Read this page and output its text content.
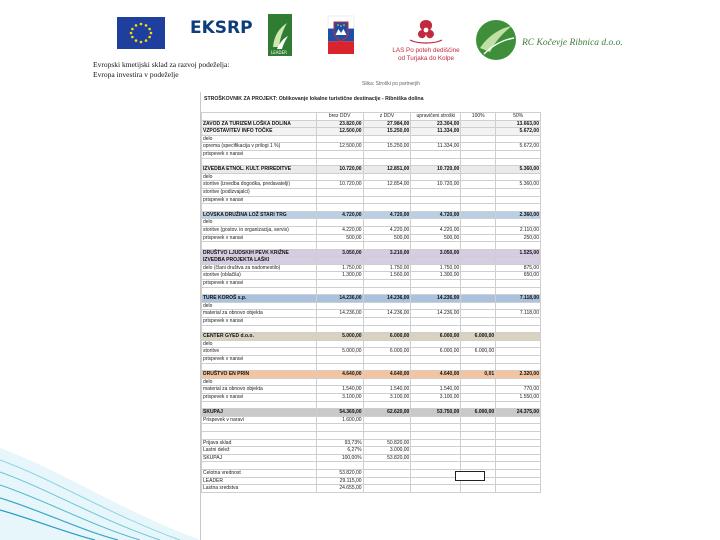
EKSRP
LEADER	LAS Po poteh dediščine
od Turjaka do Kolpe
RC Kočevje Ribnica d.o.o.
Evropski kmetijski sklad za razvoj podeželja:
Evropa investira v podeželje
Slika: Stroški po partnerjih
STROŠKOVNIK ZA PROJEKT: Oblikovanje lokalne turistične destinacije - Ribniška dolina
	brez DDV	z DDV	upravičeni stroški	100%	50%
ZAVOD ZA TURIZEM LOŠKA DOLINA	23.820,00	27.984,00	23.304,00		13.663,00
VZPOSTAVITEV INFO TOČKE	12.500,00	15.250,00	11.334,00		5.672,00
delo					
oprema (specifikacija v prilogi 1 %)	12.500,00	15.250,00	11.334,00		5.672,00
prispevek v naravi					

IZVEDBA ETNOL. KULT. PRIREDITVE	10.720,00	12.851,00	10.720,00		5.360,00
delo					
storitve (izvedba dogodka, predavatelji)	10.720,00	12.854,00	10.720,00		5.360,00
storitve (podizvajalci)					
prispevek v naravi					

LOVSKA DRUŽINA LOŽ STARI TRG	4.720,00	4.720,00	4.720,00		2.360,00
delo					
storitve (gostov. in organizacija, servis)	4.220,00	4.220,00	4.220,00		2.110,00
prispevek v naravi	500,00	500,00	500,00		250,00

DRUŠTVO LJUDSKIH PEVK KRIŽNE	3.050,00	3.210,00	3.050,00		1.525,00
IZVEDBA PROJEKTA LAŠKI					
delo (člani društva za nadomestilo)	1.750,00	1.750,00	1.750,00		875,00
storitve (oblačila)	1.300,00	1.560,00	1.300,00		650,00
prispevek v naravi					

TURE KOROŠ s.p.	14.236,00	14.236,00	14.236,00		7.118,00
delo					
material za obnovo objekta	14.236,00	14.236,00	14.236,00		7.118,00
prispevek v naravi					

CENTER GYED d.o.o.	5.000,00	6.000,00	6.000,00	6.000,00	
delo					
storitve	5.000,00	6.000,00	6.000,00	6.000,00	
prispevek v naravi					

DRUŠTVO EN PRIN	4.640,00	4.640,00	4.640,00	0,01	2.320,00
delo					
material za obnovo objekta	1.540,00	1.540,00	1.540,00		770,00
prispevek v naravi	3.100,00	3.100,00	3.100,00		1.550,00

SKUPAJ	54.369,00	62.620,00	53.750,00	6.000,00	24.375,00
Prispevek v naravi	1.600,00				

Prijava sklad	93,73%	50.820,00			
Lastni delež	6,27%	3.000,00			
SKUPAJ	100,00%	53.820,00			

Celotna vrednost	53.820,00				
LEADER	29.115,00				
Lastna sredstva	24.655,00				
